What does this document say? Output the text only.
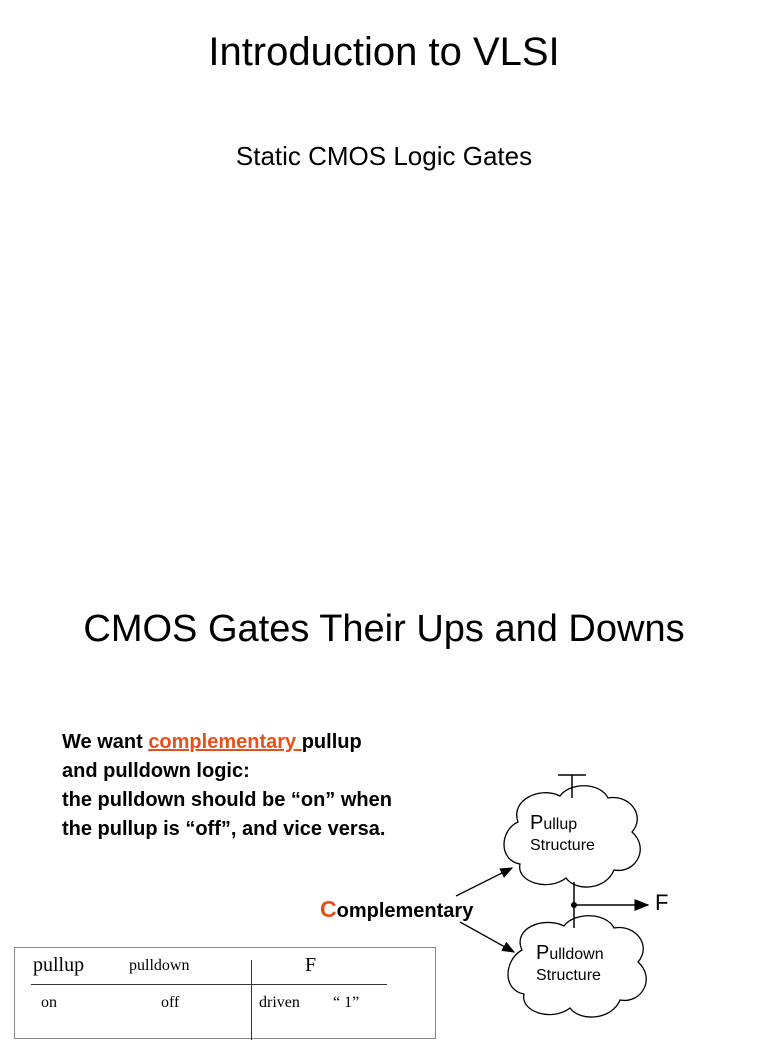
Introduction to VLSI
Static CMOS Logic Gates
CMOS Gates Their Ups and Downs
We want complementary pullup
and pulldown logic:
the pulldown should be “on” when
the pullup is “off”, and vice versa.	Pullup
Structure
Pulldown
Structure
F
Complementary
pullup	pulldown	F
on	off	driven “ 1”
